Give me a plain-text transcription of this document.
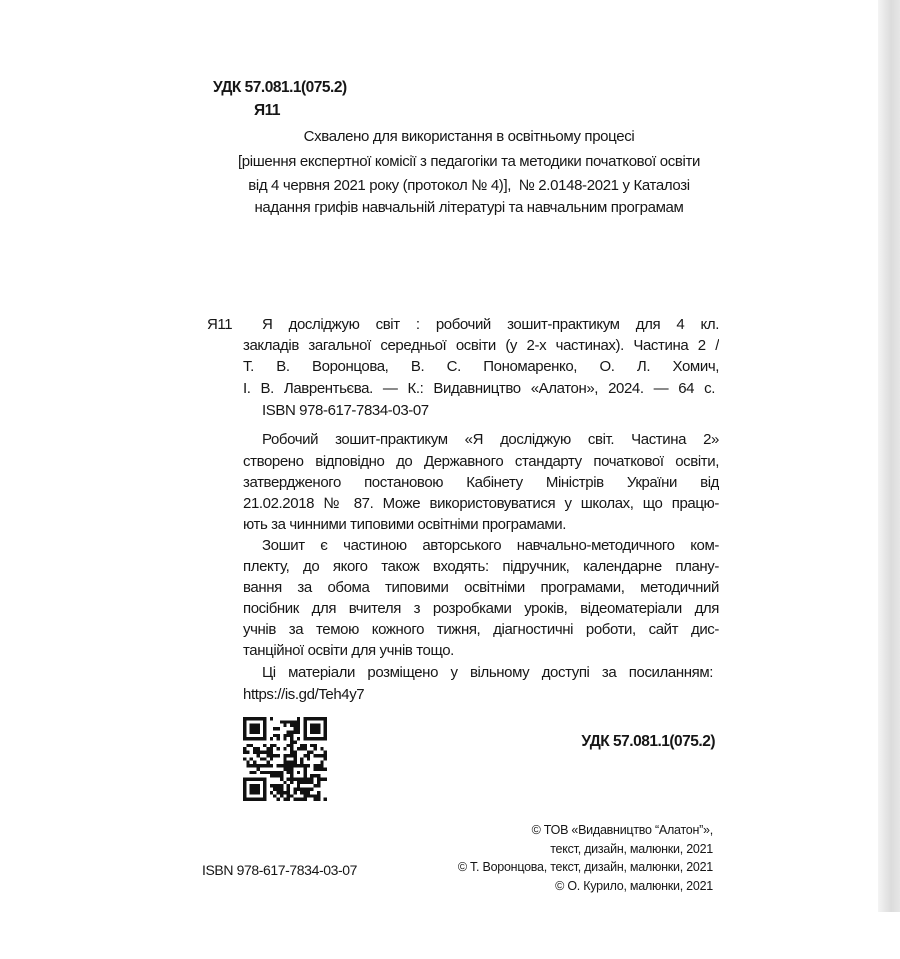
УДК 57.081.1(075.2)
Я11
Схвалено для використання в освітньому процесі
[рішення експертної комісії з педагогіки та методики початкової освіти
від 4 червня 2021 року (протокол № 4)],  № 2.0148-2021 у Каталозі
надання грифів навчальній літературі та навчальним програмам
Я11	Я досліджую світ : робочий зошит-практикум для 4 кл.
закладів загальної середньої освіти (у 2-х частинах). Частина 2 /
Т. В. Воронцова, В. С. Пономаренко, О. Л. Хомич,
І. В. Лаврентьєва. — К.: Видавництво «Алатон», 2024. — 64 с.
ISBN 978-617-7834-03-07
Робочий зошит-практикум «Я досліджую світ. Частина 2»
створено відповідно до Державного стандарту початкової освіти,
затвердженого постановою Кабінету Міністрів України від
21.02.2018 № 87. Може використовуватися у школах, що працю-
ють за чинними типовими освітніми програмами.
Зошит є частиною авторського навчально-методичного ком-
плекту, до якого також входять: підручник, календарне плану-
вання за обома типовими освітніми програмами, методичний
посібник для вчителя з розробками уроків, відеоматеріали для
учнів за темою кожного тижня, діагностичні роботи, сайт дис-
танційної освіти для учнів тощо.
Ці матеріали розміщено у вільному доступі за посиланням:
https://is.gd/Teh4y7
УДК 57.081.1(075.2)
© ТОВ «Видавництво “Алатон”»,
текст, дизайн, малюнки, 2021
© Т. Воронцова, текст, дизайн, малюнки, 2021
© О. Курило, малюнки, 2021
ISBN 978-617-7834-03-07
